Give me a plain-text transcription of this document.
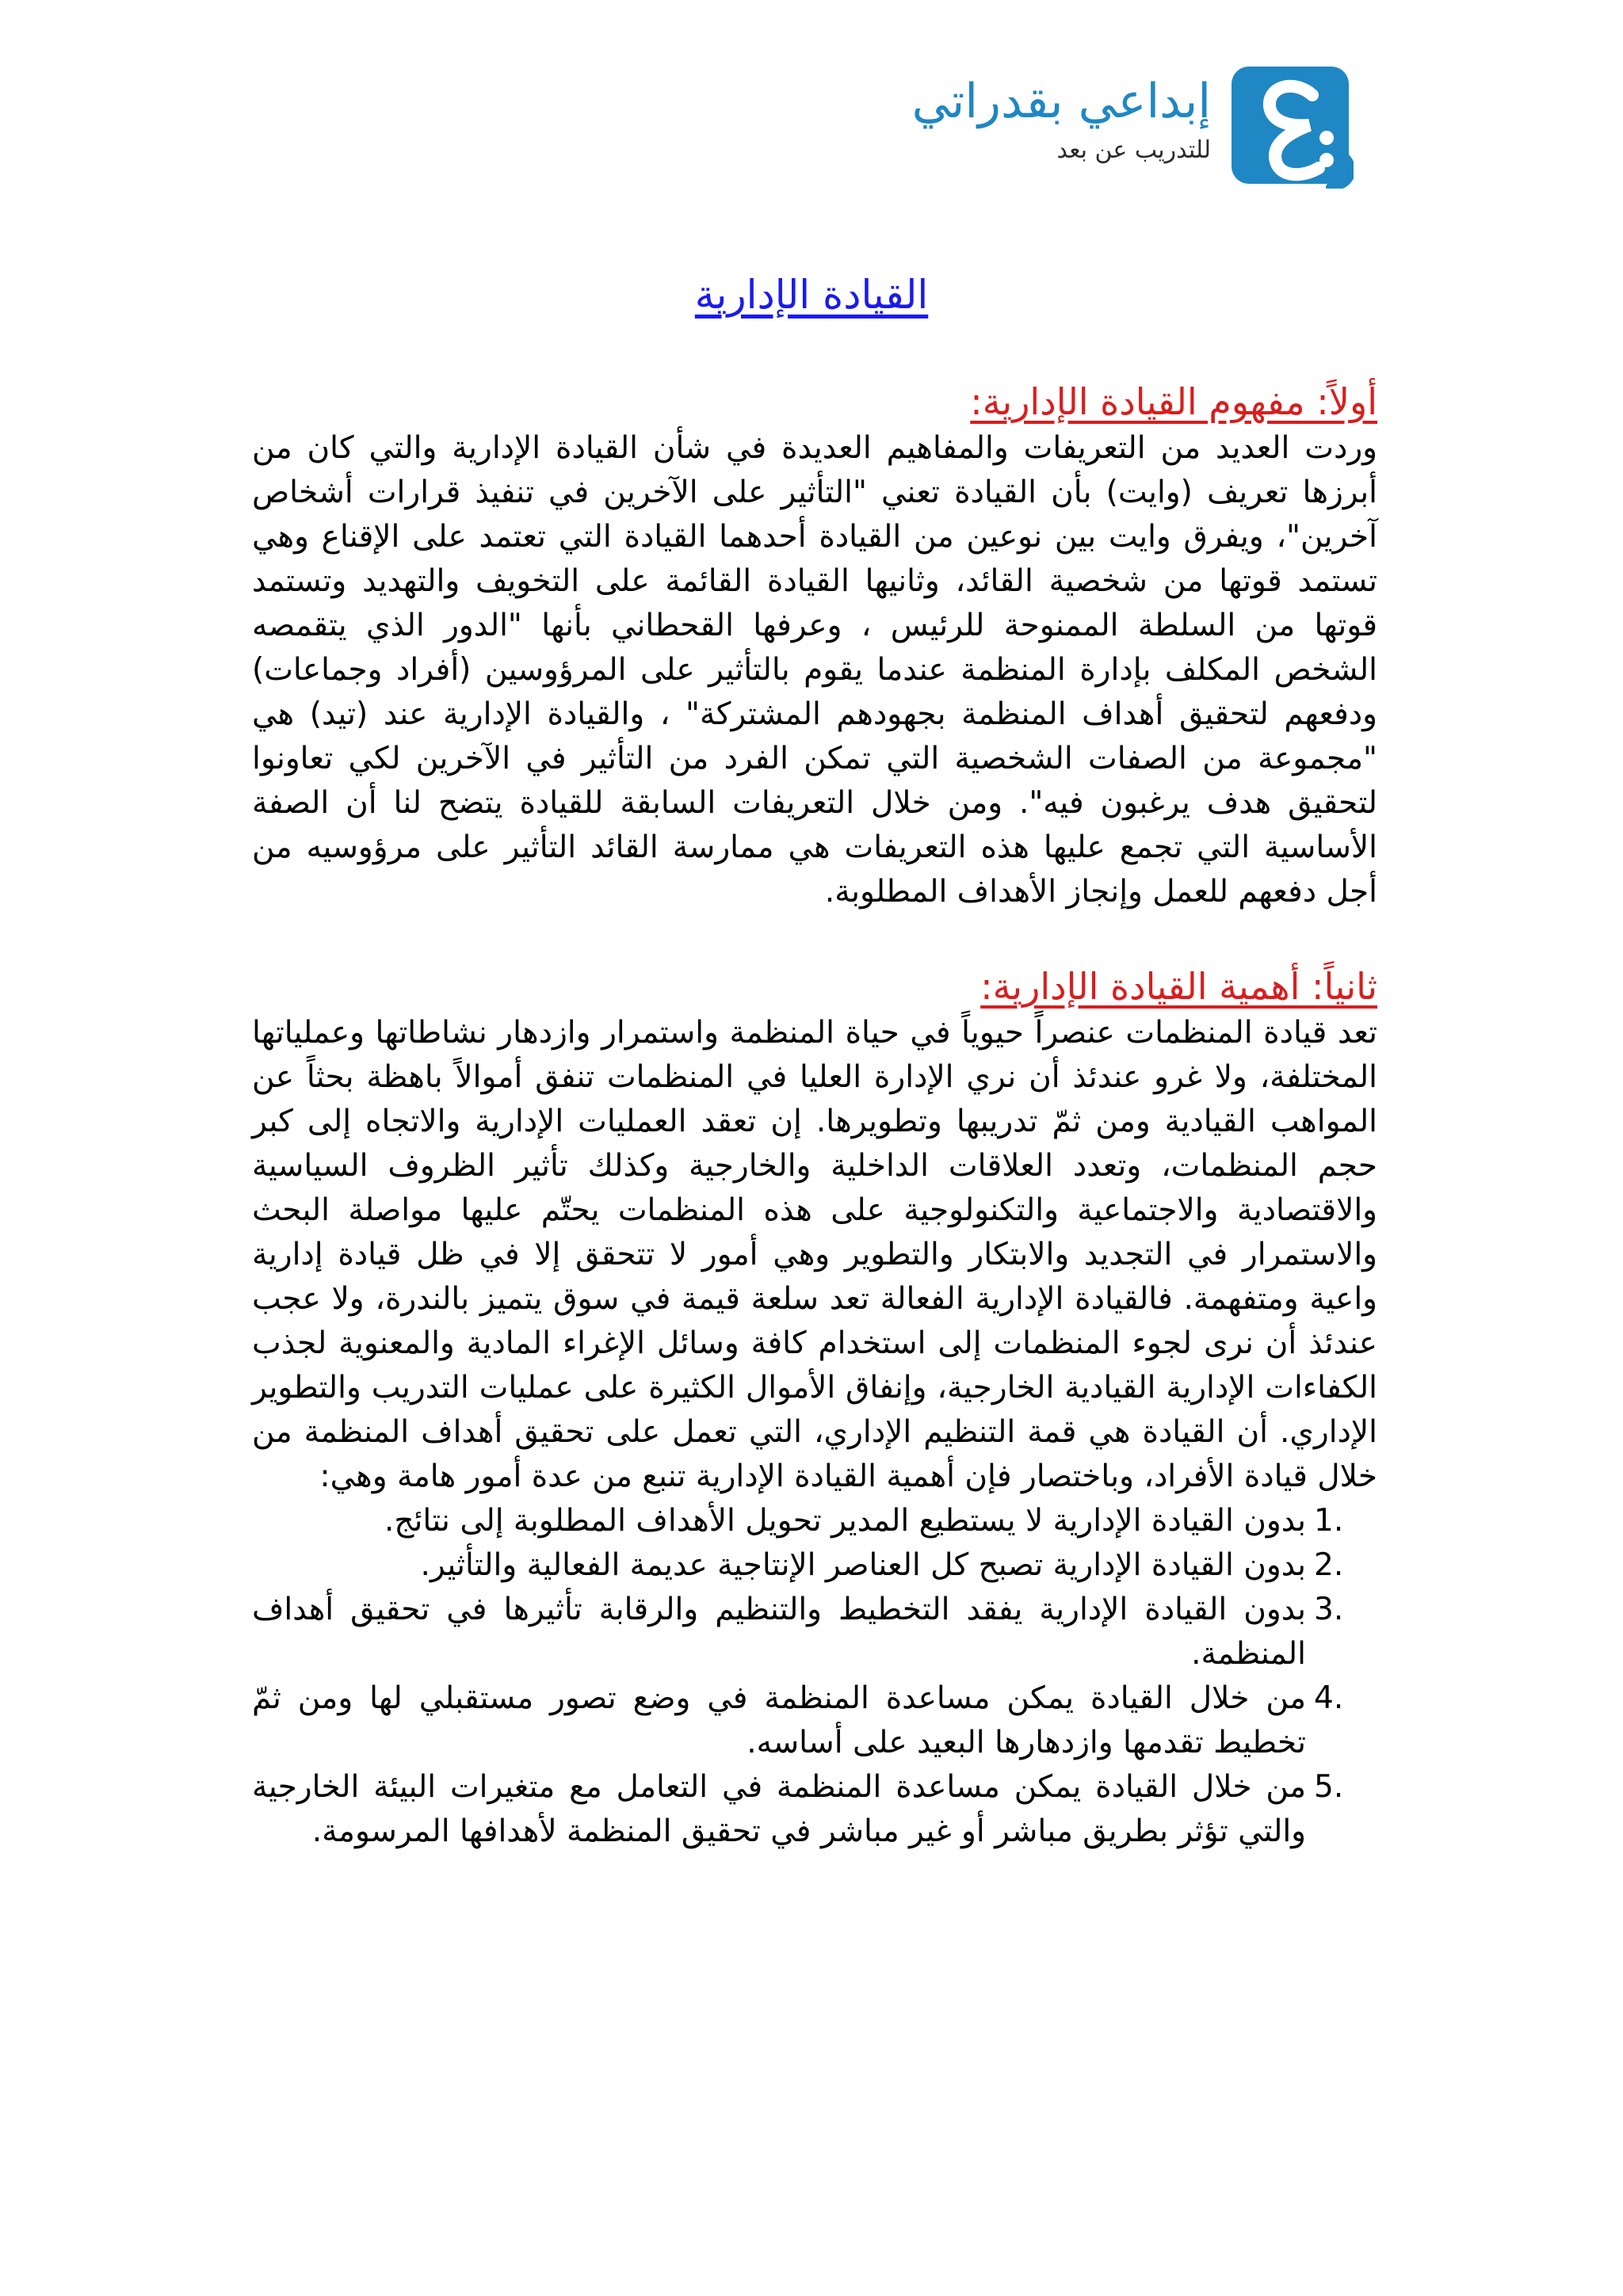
إبداعي بقدراتي
للتدريب عن بعد
القيادة الإدارية
أولاً: مفهوم القيادة الإدارية:

وردت العديد من التعريفات والمفاهيم العديدة في شأن القيادة الإدارية والتي كان من أبرزها تعريف (وايت) بأن القيادة تعني "التأثير على الآخرين في تنفيذ قرارات أشخاص آخرين"، ويفرق وايت بين نوعين من القيادة أحدهما القيادة التي تعتمد على الإقناع وهي تستمد قوتها من شخصية القائد، وثانيها القيادة القائمة على التخويف والتهديد وتستمد قوتها من السلطة الممنوحة للرئيس ، وعرفها القحطاني بأنها "الدور الذي يتقمصه الشخص المكلف بإدارة المنظمة عندما يقوم بالتأثير على المرؤوسين (أفراد وجماعات) ودفعهم لتحقيق أهداف المنظمة بجهودهم المشتركة" ، والقيادة الإدارية عند (تيد) هي "مجموعة من الصفات الشخصية التي تمكن الفرد من التأثير في الآخرين لكي تعاونوا لتحقيق هدف يرغبون فيه". ومن خلال التعريفات السابقة للقيادة يتضح لنا أن الصفة الأساسية التي تجمع عليها هذه التعريفات هي ممارسة القائد التأثير على مرؤوسيه من أجل دفعهم للعمل وإنجاز الأهداف المطلوبة.

ثانياً: أهمية القيادة الإدارية:

تعد قيادة المنظمات عنصراً حيوياً في حياة المنظمة واستمرار وازدهار نشاطاتها وعملياتها المختلفة، ولا غرو عندئذ أن نري الإدارة العليا في المنظمات تنفق أموالاً باهظة بحثاً عن المواهب القيادية ومن ثمّ تدريبها وتطويرها. إن تعقد العمليات الإدارية والاتجاه إلى كبر حجم المنظمات، وتعدد العلاقات الداخلية والخارجية وكذلك تأثير الظروف السياسية والاقتصادية والاجتماعية والتكنولوجية على هذه المنظمات يحتّم عليها مواصلة البحث والاستمرار في التجديد والابتكار والتطوير وهي أمور لا تتحقق إلا في ظل قيادة إدارية واعية ومتفهمة. فالقيادة الإدارية الفعالة تعد سلعة قيمة في سوق يتميز بالندرة، ولا عجب عندئذ أن نرى لجوء المنظمات إلى استخدام كافة وسائل الإغراء المادية والمعنوية لجذب الكفاءات الإدارية القيادية الخارجية، وإنفاق الأموال الكثيرة على عمليات التدريب والتطوير الإداري. أن القيادة هي قمة التنظيم الإداري، التي تعمل على تحقيق أهداف المنظمة من خلال قيادة الأفراد، وباختصار فإن أهمية القيادة الإدارية تنبع من عدة أمور هامة وهي:

1.
بدون القيادة الإدارية لا يستطيع المدير تحويل الأهداف المطلوبة إلى نتائج.
2.
بدون القيادة الإدارية تصبح كل العناصر الإنتاجية عديمة الفعالية والتأثير.
3.
بدون القيادة الإدارية يفقد التخطيط والتنظيم والرقابة تأثيرها في تحقيق أهداف المنظمة.
4.
من خلال القيادة يمكن مساعدة المنظمة في وضع تصور مستقبلي لها ومن ثمّ تخطيط تقدمها وازدهارها البعيد على أساسه.
5.
من خلال القيادة يمكن مساعدة المنظمة في التعامل مع متغيرات البيئة الخارجية والتي تؤثر بطريق مباشر أو غير مباشر في تحقيق المنظمة لأهدافها المرسومة.
